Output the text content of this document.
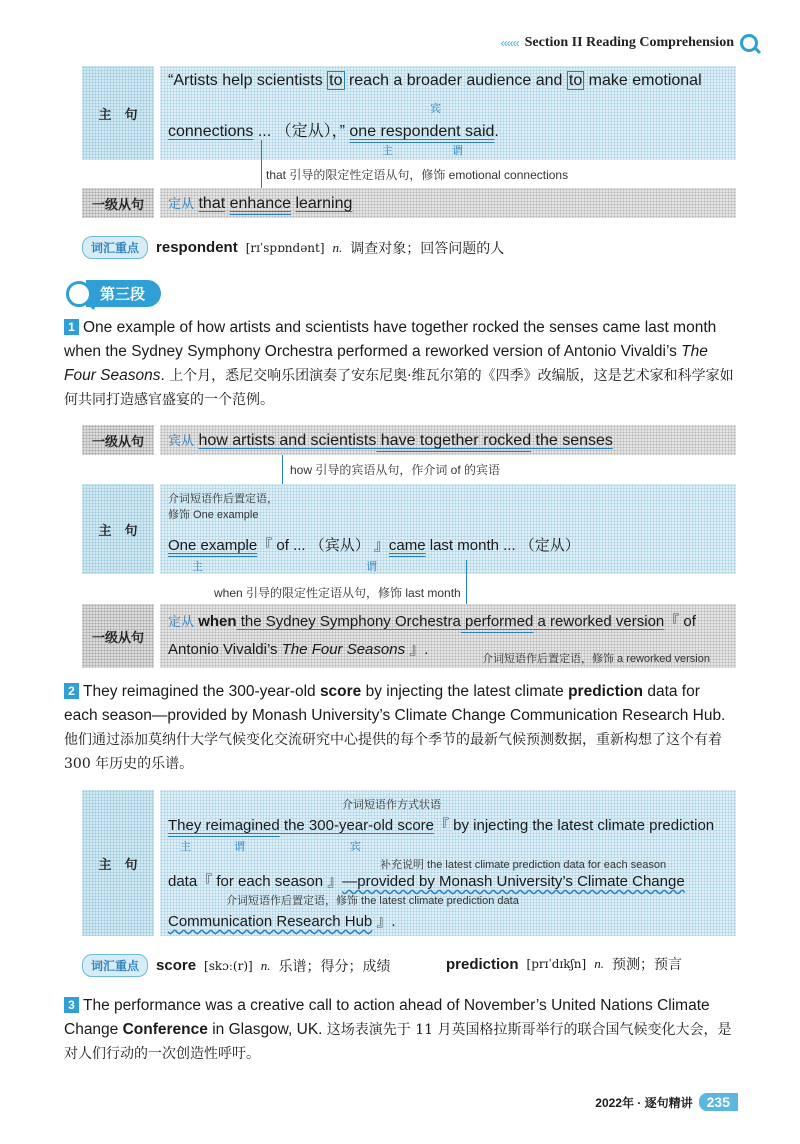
‹‹‹‹‹‹ Section II Reading Comprehension
主　句
“Artists help scientists to reach a broader audience and to make emotional
宾
connections ... （定从），” one respondent said.
主	谓
that 引导的限定性定语从句，修饰 emotional connections
一级从句	定从 that enhance learning
词汇重点	respondent [rɪˈspɒndənt] n. 调查对象；回答问题的人
第三段
1 One example of how artists and scientists have together rocked the senses came last month when the Sydney Symphony Orchestra performed a reworked version of Antonio Vivaldi’s The Four Seasons. 上个月，悉尼交响乐团演奏了安东尼奥·维瓦尔第的《四季》改编版，这是艺术家和科学家如何共同打造感官盛宴的一个范例。
一级从句	宾从 how artists and scientists have together rocked the senses
how 引导的宾语从句，作介词 of 的宾语
主　句
介词短语作后置定语，
修饰 One example
One example『 of ... （宾从） 』came last month ... （定从）
主	谓
when 引导的限定性定语从句，修饰 last month
一级从句
定从 when the Sydney Symphony Orchestra performed a reworked version『 of
Antonio Vivaldi’s The Four Seasons 』.
介词短语作后置定语，修饰 a reworked version
2 They reimagined the 300-year-old score by injecting the latest climate prediction data for each season—provided by Monash University’s Climate Change Communication Research Hub. 他们通过添加莫纳什大学气候变化交流研究中心提供的每个季节的最新气候预测数据，重新构想了这个有着 300 年历史的乐谱。
主　句
介词短语作方式状语
They reimagined the 300-year-old score『 by injecting the latest climate prediction
主	谓	宾
补充说明 the latest climate prediction data for each season
data『 for each season 』—provided by Monash University’s Climate Change
介词短语作后置定语，修饰 the latest climate prediction data
Communication Research Hub 』.
词汇重点	score [skɔː(r)] n. 乐谱；得分；成绩	prediction [prɪˈdɪkʃn] n. 预测；预言
3 The performance was a creative call to action ahead of November’s United Nations Climate Change Conference in Glasgow, UK. 这场表演先于 11 月英国格拉斯哥举行的联合国气候变化大会，是对人们行动的一次创造性呼吁。
2022年 · 逐句精讲	235
